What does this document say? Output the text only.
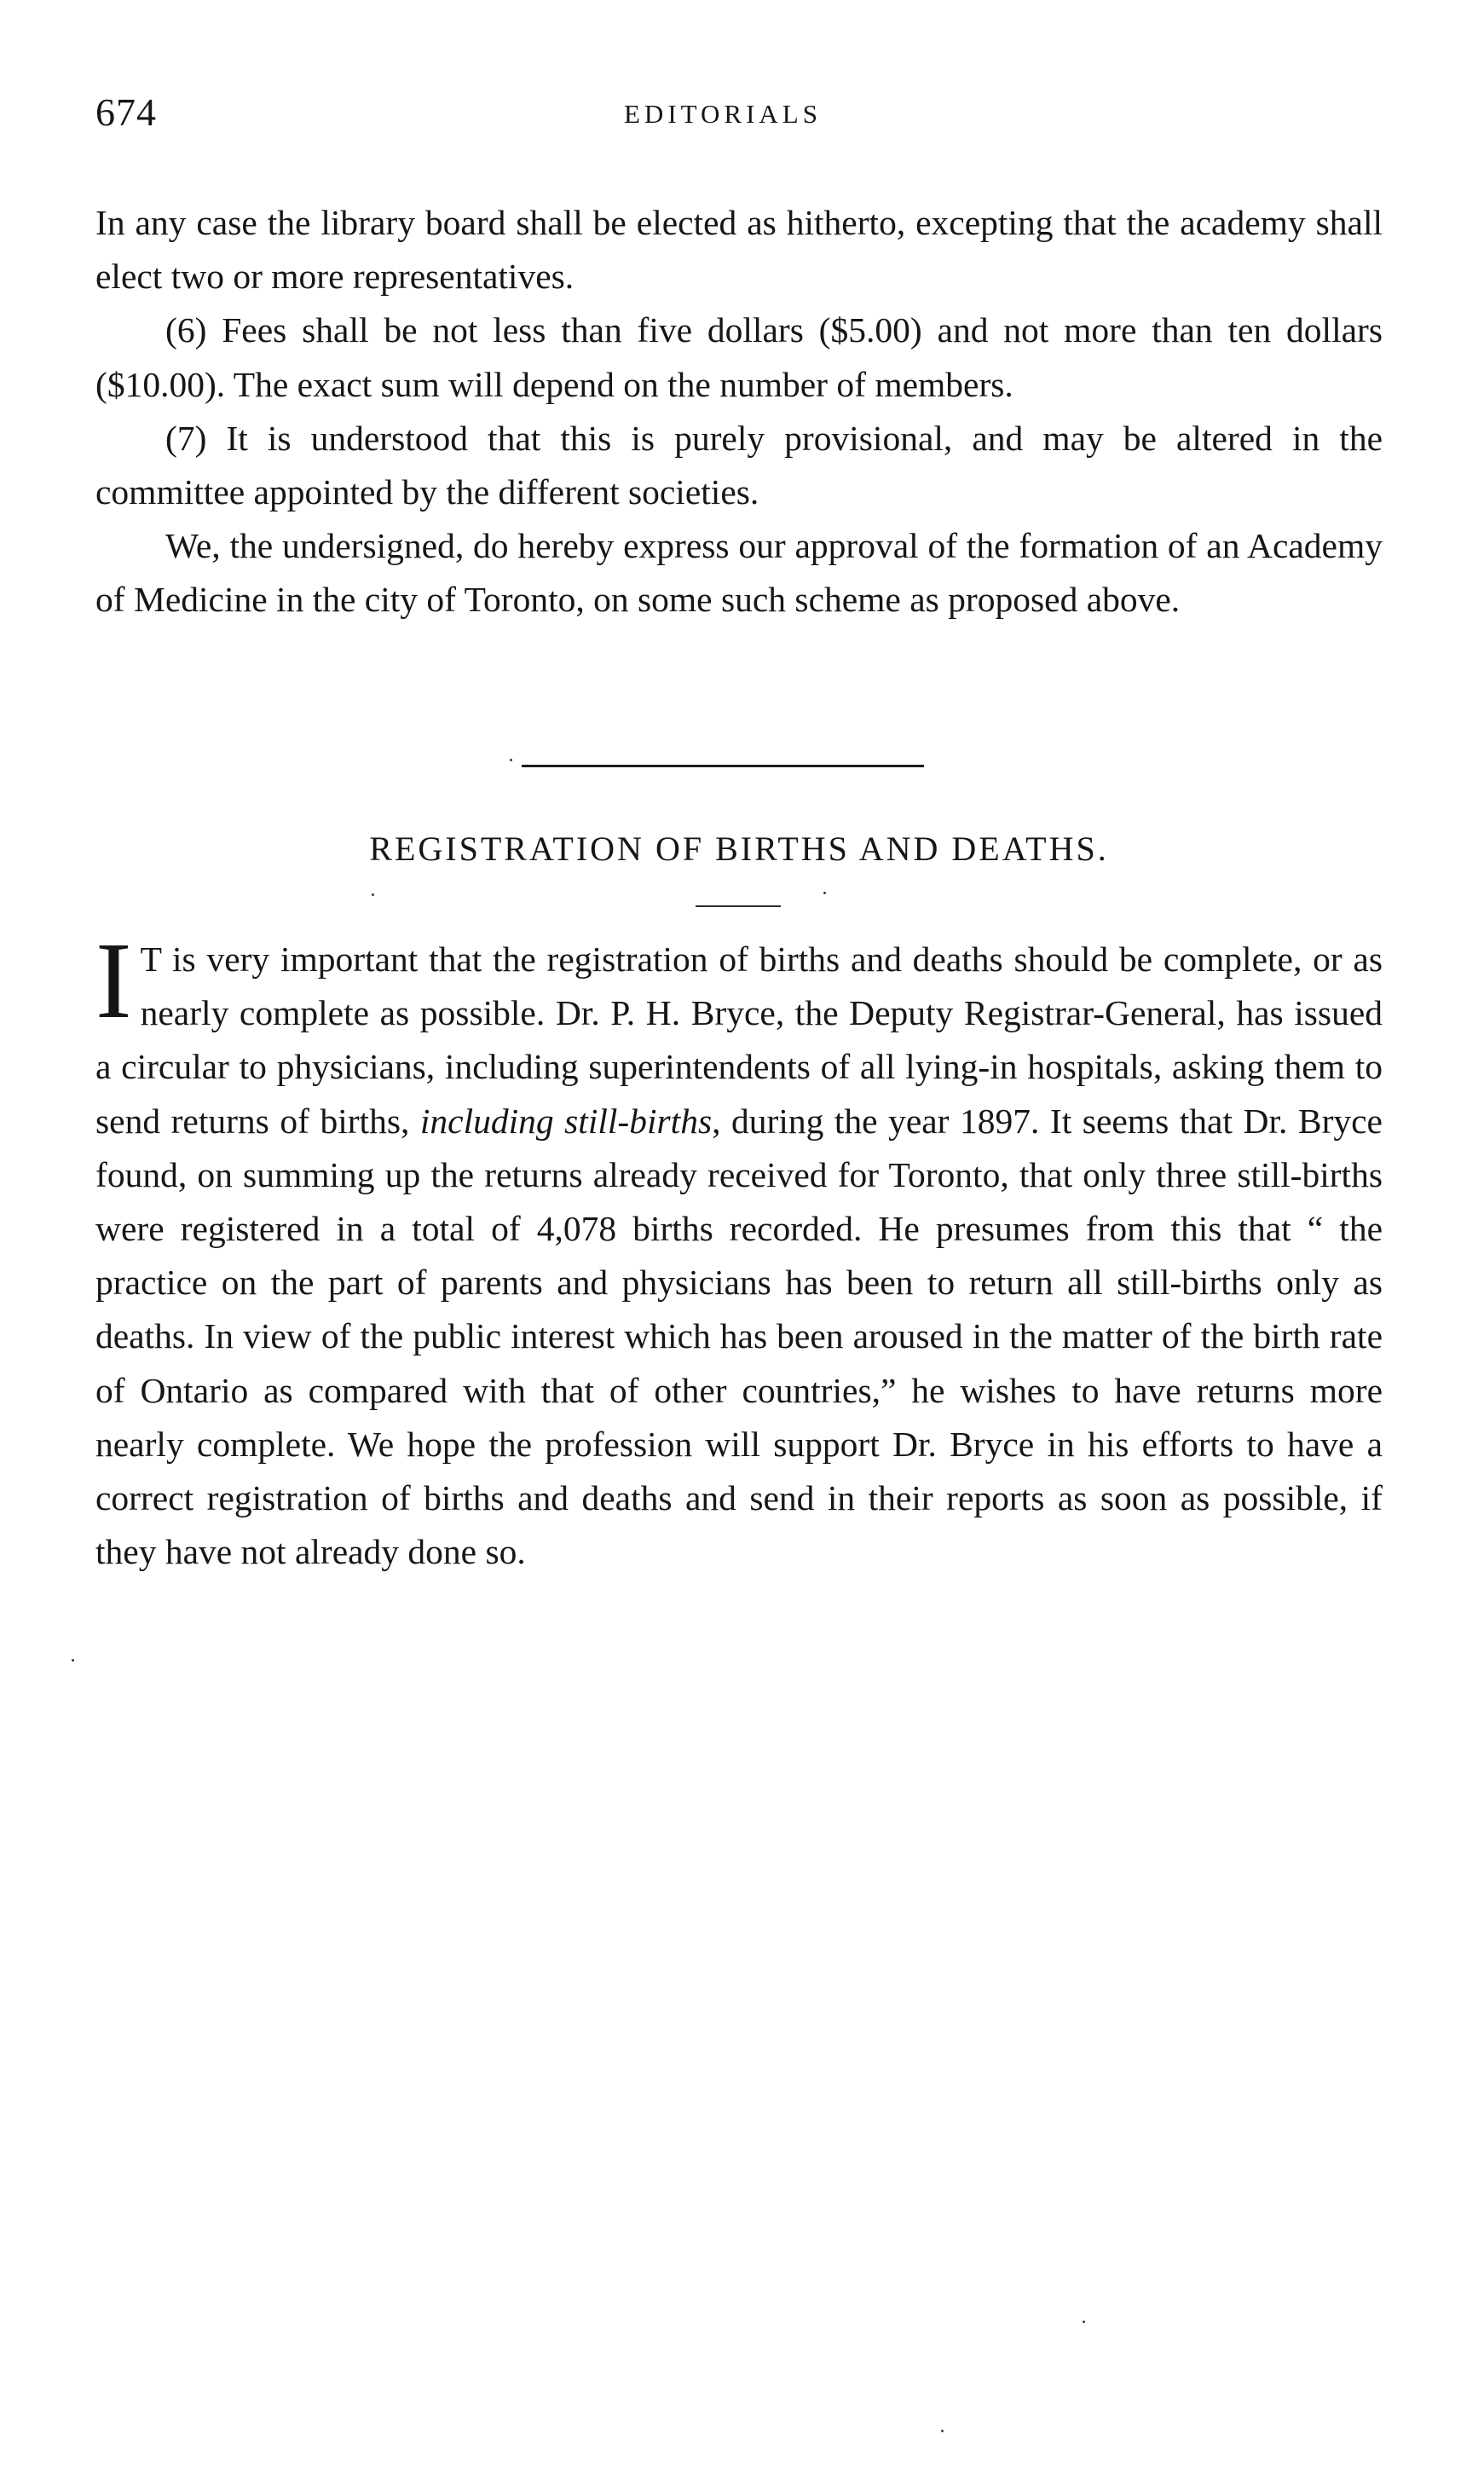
674	EDITORIALS

In any case the library board shall be elected as hitherto, excepting that the academy shall elect two or more representatives.

(6) Fees shall be not less than five dollars ($5.00) and not more than ten dollars ($10.00). The exact sum will depend on the number of members.

(7) It is understood that this is purely provisional, and may be altered in the committee appointed by the different societies.

We, the undersigned, do hereby express our approval of the formation of an Academy of Medicine in the city of Toronto, on some such scheme as proposed above.

REGISTRATION OF BIRTHS AND DEATHS.

I T is very important that the registration of births and deaths should be complete, or as nearly complete as possible. Dr. P. H. Bryce, the Deputy Registrar-General, has issued a circular to physicians, including superintendents of all lying-in hospitals, asking them to send returns of births, including still-births, during the year 1897. It seems that Dr. Bryce found, on summing up the returns already received for Toronto, that only three still-births were registered in a total of 4,078 births recorded. He presumes from this that “ the practice on the part of parents and physicians has been to return all still-births only as deaths. In view of the public interest which has been aroused in the matter of the birth rate of Ontario as compared with that of other countries,” he wishes to have returns more nearly complete. We hope the profession will support Dr. Bryce in his efforts to have a correct registration of births and deaths and send in their reports as soon as possible, if they have not already done so.
